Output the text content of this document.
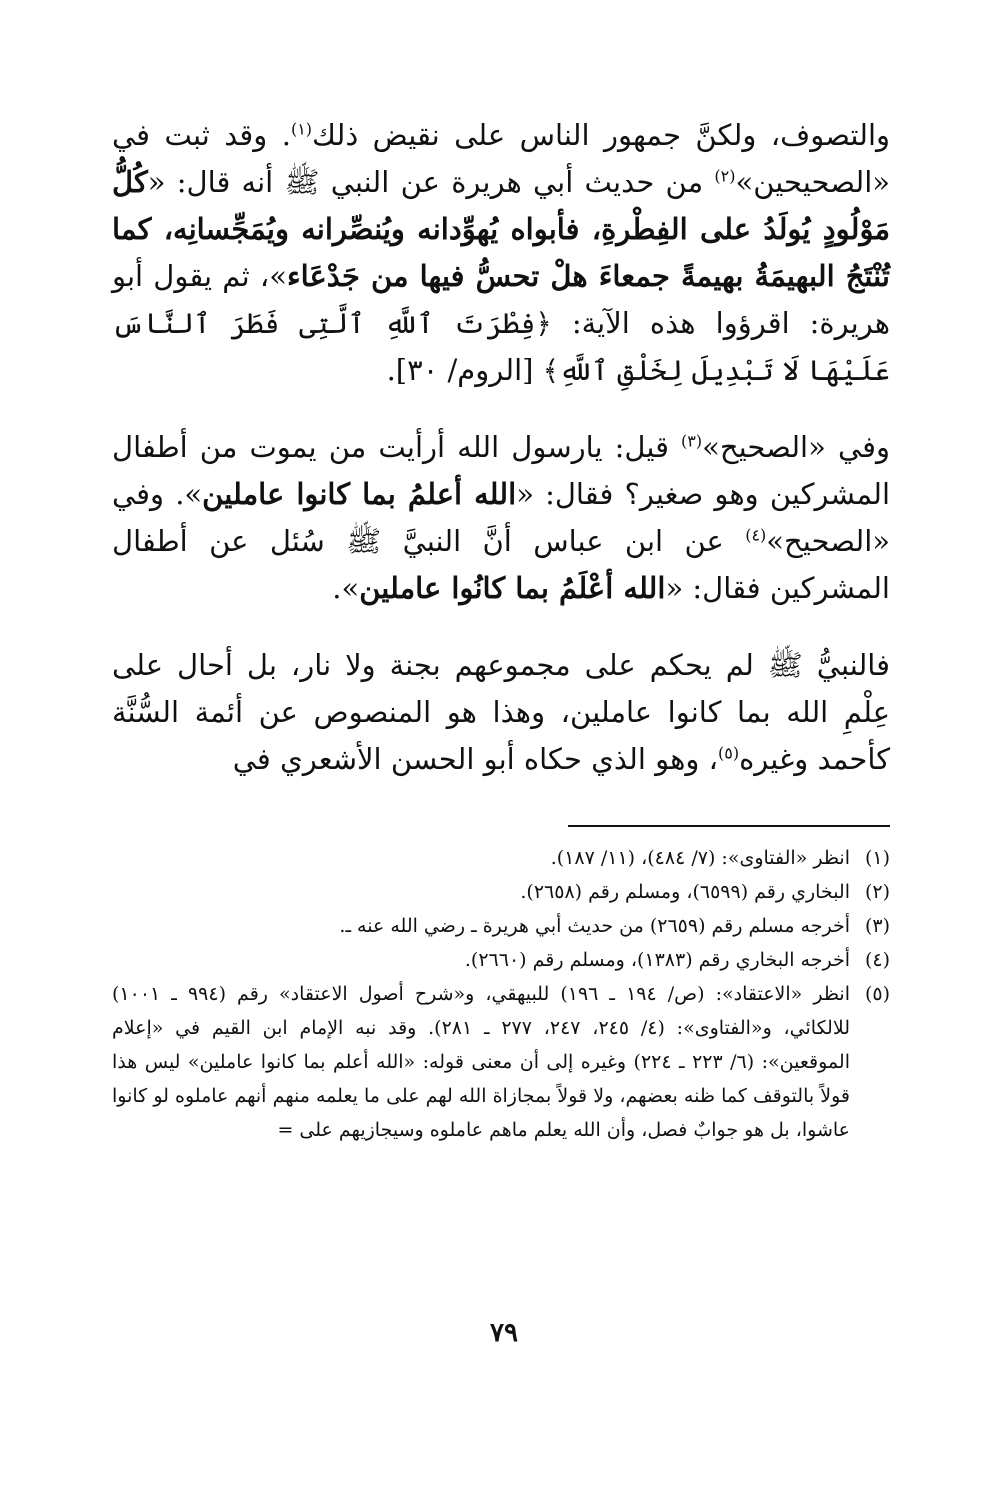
والتصوف، ولكنَّ جمهور الناس على نقيض ذلك$^{(١)}$. وقد ثبت في «الصحيحين»$^{(٢)}$ من حديث أبي هريرة عن النبي ﷺ أنه قال: «كُلُّ مَوْلُودٍ يُولَدُ على الفِطْرةِ، فأبواه يُهوِّدانه ويُنصِّرانه ويُمَجِّسانِه، كما تُنْتَجُ البهيمَةُ بهيمةً جمعاءَ هلْ تحسُّ فيها من جَدْعَاء»، ثم يقول أبو هريرة: اقرؤوا هذه الآية: ﴿فِطْرَتَ ٱللَّهِ ٱلَّتِى فَطَرَ ٱلنَّاسَ عَلَيْهَا لَا تَبْدِيلَ لِخَلْقِ ٱللَّهِ﴾ [الروم/ ٣٠].

وفي «الصحيح»$^{(٣)}$ قيل: يارسول الله أرأيت من يموت من أطفال المشركين وهو صغير؟ فقال: «الله أعلمُ بما كانوا عاملين». وفي «الصحيح»$^{(٤)}$ عن ابن عباس أنَّ النبيَّ ﷺ سُئل عن أطفال المشركين فقال: «الله أعْلَمُ بما كانُوا عاملين».

فالنبيُّ ﷺ لم يحكم على مجموعهم بجنة ولا نار، بل أحال على عِلْمِ الله بما كانوا عاملين، وهذا هو المنصوص عن أئمة السُّنَّة كأحمد وغيره$^{(٥)}$، وهو الذي حكاه أبو الحسن الأشعري في

(١)
انظر «الفتاوى»: (٧/ ٤٨٤)، (١١/ ١٨٧).
(٢)
البخاري رقم (٦٥٩٩)، ومسلم رقم (٢٦٥٨).
(٣)
أخرجه مسلم رقم (٢٦٥٩) من حديث أبي هريرة ـ رضي الله عنه ـ.
(٤)
أخرجه البخاري رقم (١٣٨٣)، ومسلم رقم (٢٦٦٠).
(٥)
انظر «الاعتقاد»: (ص/ ١٩٤ ـ ١٩٦) للبيهقي، و«شرح أصول الاعتقاد» رقم (٩٩٤ ـ ١٠٠١) للالكائي، و«الفتاوى»: (٤/ ٢٤٥، ٢٤٧، ٢٧٧ ـ ٢٨١). وقد نبه الإمام ابن القيم في «إعلام الموقعين»: (٦/ ٢٢٣ ـ ٢٢٤) وغيره إلى أن معنى قوله: «الله أعلم بما كانوا عاملين» ليس هذا قولاً بالتوقف كما ظنه بعضهم، ولا قولاً بمجازاة الله لهم على ما يعلمه منهم أنهم عاملوه لو كانوا عاشوا، بل هو جوابٌ فصل، وأن الله يعلم ماهم عاملوه وسيجازيهم على =
٧٩
